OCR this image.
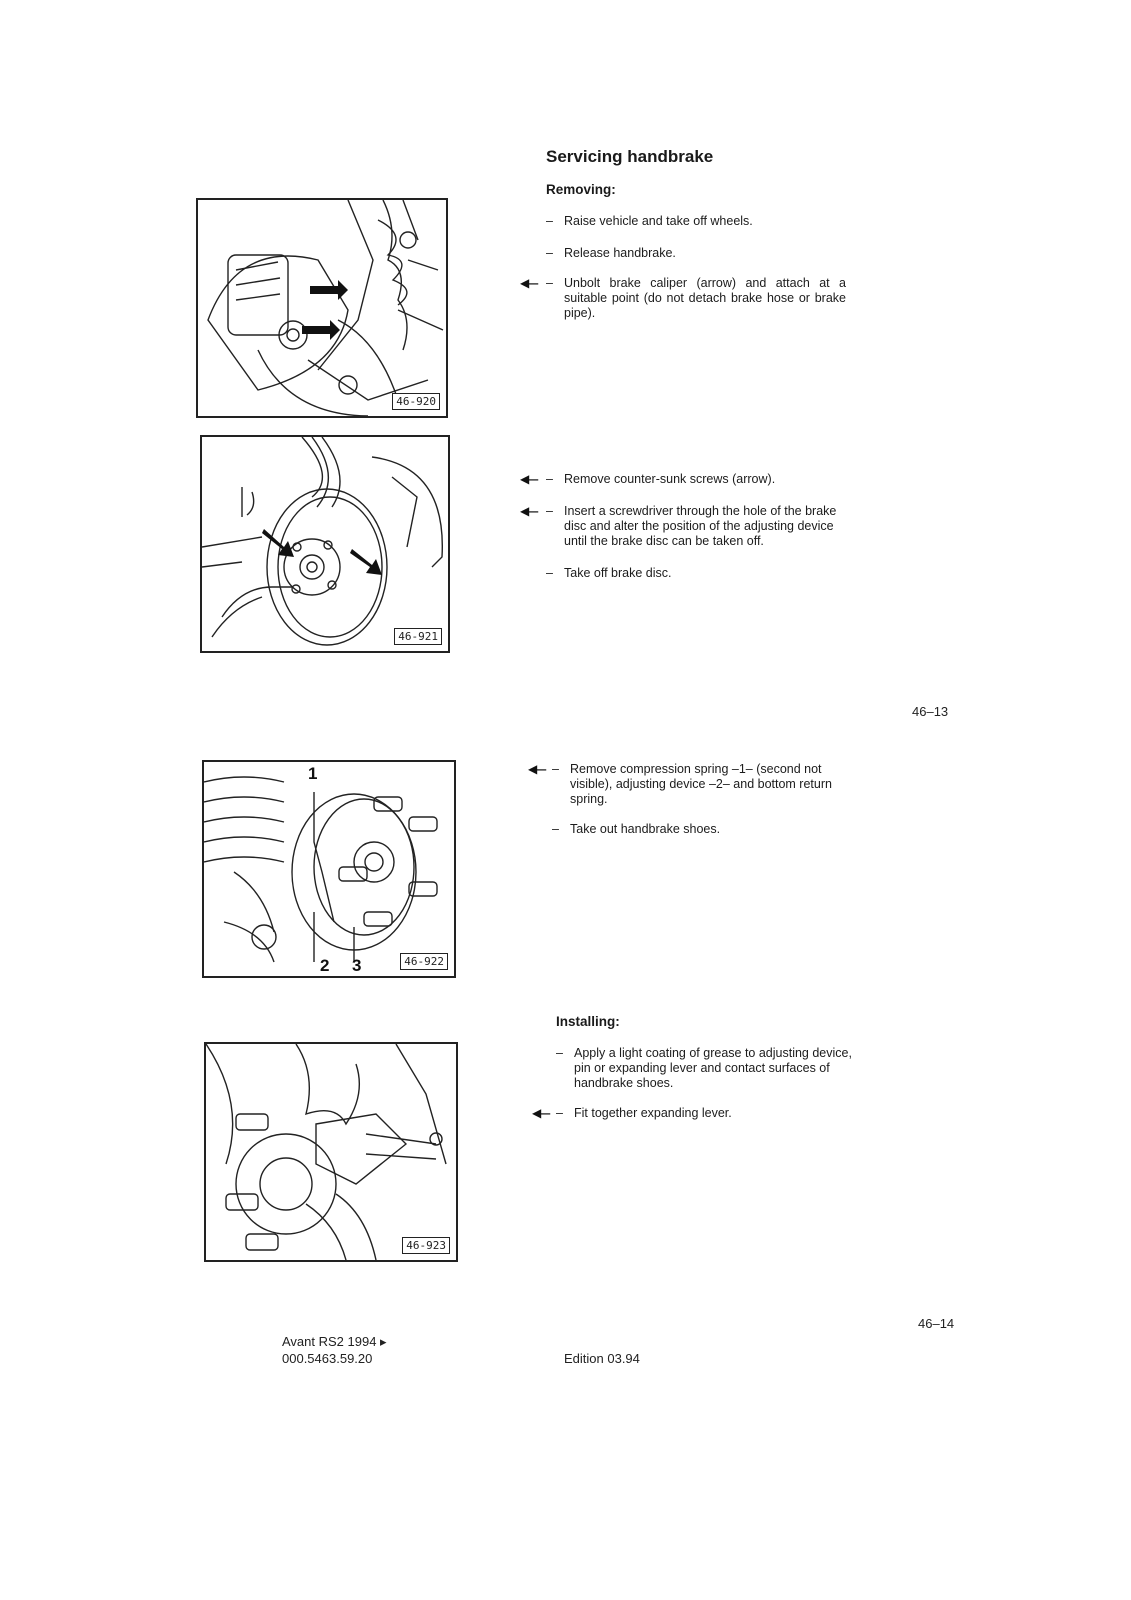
46-920
46-921
1
2 3	46-922
46-923
Servicing handbrake
Removing:
– Raise vehicle and take off wheels.
– Release handbrake.
◀— – Unbolt brake caliper (arrow) and attach at a suitable point (do not detach brake hose or brake pipe).
◀— – Remove counter-sunk screws (arrow).
◀— – Insert a screwdriver through the hole of the brake disc and alter the position of the adjusting device until the brake disc can be taken off.
– Take off brake disc.
46–13
◀— – Remove compression spring –1– (second not visible), adjusting device –2– and bottom return spring.
– Take out handbrake shoes.
Installing:
– Apply a light coating of grease to adjusting device, pin or expanding lever and contact surfaces of handbrake shoes.
◀— – Fit together expanding lever.
46–14
Avant RS2 1994 ▸
000.5463.59.20	Edition 03.94
